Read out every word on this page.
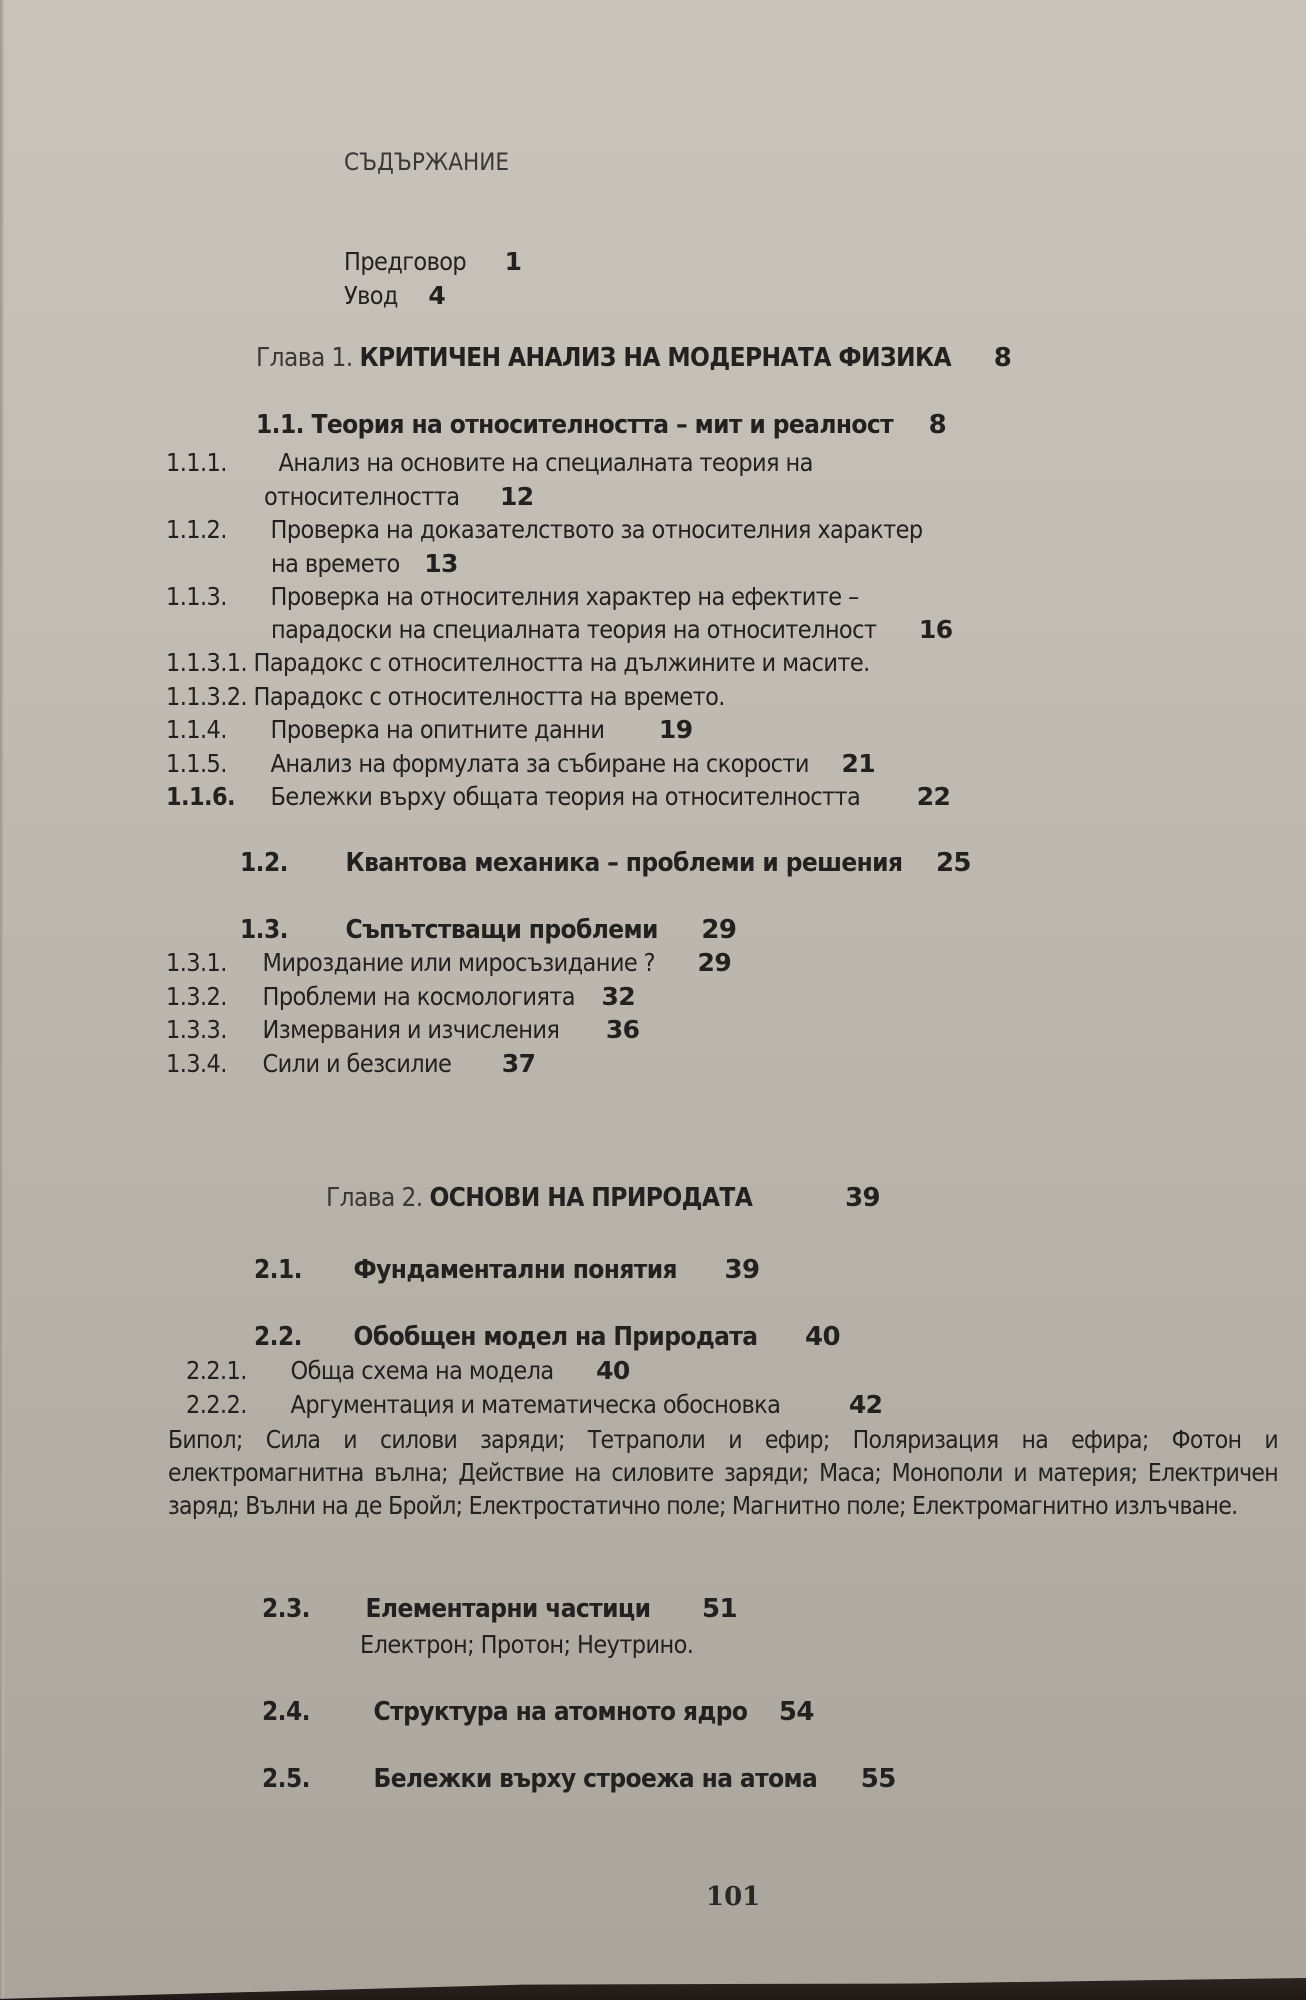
СЪДЪРЖАНИЕ
Предговор 1
Увод 4
Глава 1. КРИТИЧЕН АНАЛИЗ НА МОДЕРНАТА ФИЗИКА 8
1.1. Теория на относителността – мит и реалност 8
1.1.1. Анализ на основите на специалната теория на
относителността 12
1.1.2. Проверка на доказателството за относителния характер
на времето 13
1.1.3. Проверка на относителния характер на ефектите –
парадоски на специалната теория на относителност 16
1.1.3.1. Парадокс с относителността на дължините и масите.
1.1.3.2. Парадокс с относителността на времето.
1.1.4. Проверка на опитните данни 19
1.1.5. Анализ на формулата за събиране на скорости 21
1.1.6. Бележки върху общата теория на относителността 22
1.2. Квантова механика – проблеми и решения 25
1.3. Съпътстващи проблеми 29
1.3.1. Мироздание или миросъзидание ? 29
1.3.2. Проблеми на космологията 32
1.3.3. Измервания и изчисления 36
1.3.4. Сили и безсилие 37
Глава 2. ОСНОВИ НА ПРИРОДАТА	39
2.1. Фундаментални понятия 39
2.2. Обобщен модел на Природата 40
2.2.1. Обща схема на модела 40
2.2.2. Аргументация и математическа обосновка	42
Бипол; Сила и силови заряди; Тетраполи и ефир; Поляризация на ефира; Фотон и електромагнитна вълна; Действие на силовите заряди; Маса; Монополи и материя; Електричен заряд; Вълни на де Бройл; Електростатично поле; Магнитно поле; Електромагнитно излъчване.
2.3. Елементарни частици 51
Електрон; Протон; Неутрино.
2.4. Структура на атомното ядро 54
2.5. Бележки върху строежа на атома 55
101
